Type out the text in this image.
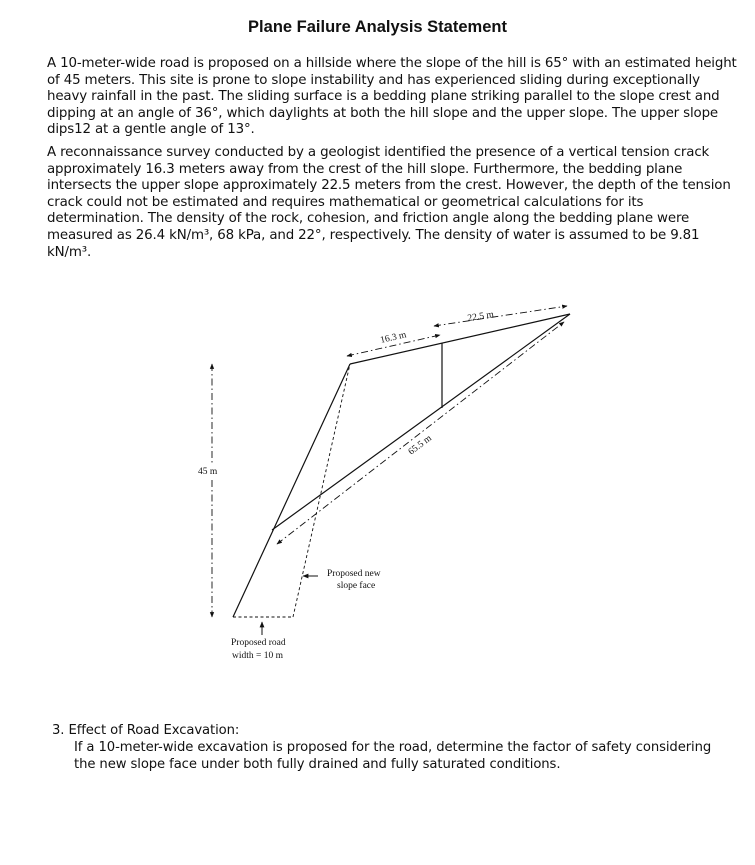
Plane Failure Analysis Statement

A 10-meter-wide road is proposed on a hillside where the slope of the hill is 65° with an estimated height of 45 meters. This site is prone to slope instability and has experienced sliding during exceptionally heavy rainfall in the past. The sliding surface is a bedding plane striking parallel to the slope crest and dipping at an angle of 36°, which daylights at both the hill slope and the upper slope. The upper slope dips12 at a gentle angle of 13°.

A reconnaissance survey conducted by a geologist identified the presence of a vertical tension crack approximately 16.3 meters away from the crest of the hill slope. Furthermore, the bedding plane intersects the upper slope approximately 22.5 meters from the crest. However, the depth of the tension crack could not be estimated and requires mathematical or geometrical calculations for its determination. The density of the rock, cohesion, and friction angle along the bedding plane were measured as 26.4 kN/m³, 68 kPa, and 22°, respectively. The density of water is assumed to be 9.81 kN/m³.

16.3 m
22.5 m
65.5 m
45 m
Proposed new
slope face
Proposed road
width = 10 m
3. Effect of Road Excavation:
If a 10-meter-wide excavation is proposed for the road, determine the factor of safety considering the new slope face under both fully drained and fully saturated conditions.
